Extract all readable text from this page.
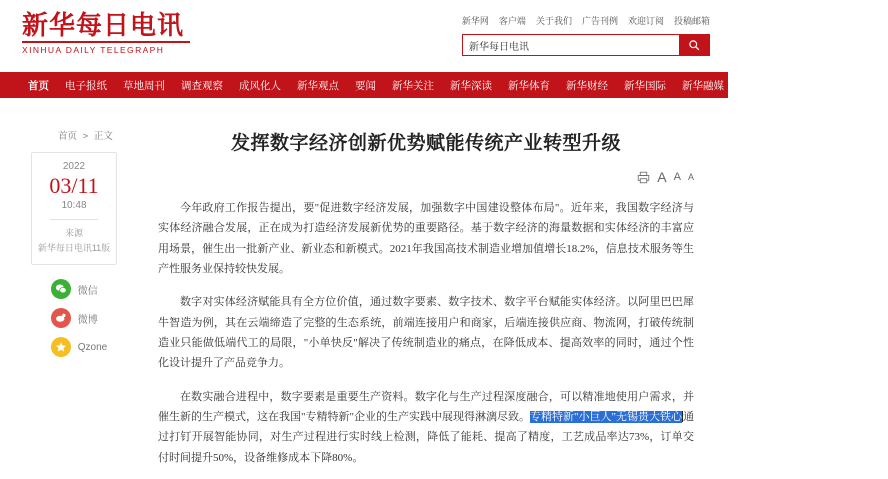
新华每日电讯
XINHUA DAILY TELEGRAPH
新华网 客户端 关于我们 广告刊例 欢迎订阅 投稿邮箱
新华每日电讯
首页 电子报纸 草地周刊 调查观察 成风化人 新华观点 要闻 新华关注 新华深读 新华体育 新华财经 新华国际 新华融媒 精彩专题 医卫健康 看天下
首页 > 正文
2022
03/11
10:48
来源
新华每日电讯11版
微信
微博
Qzone
发挥数字经济创新优势赋能传统产业转型升级
A A A

今年政府工作报告提出，要"促进数字经济发展，加强数字中国建设整体布局"。近年来，我国数字经济与实体经济融合发展，正在成为打造经济发展新优势的重要路径。基于数字经济的海量数据和实体经济的丰富应用场景，催生出一批新产业、新业态和新模式。2021年我国高技术制造业增加值增长18.2%，信息技术服务等生产性服务业保持较快发展。

数字对实体经济赋能具有全方位价值，通过数字要素、数字技术、数字平台赋能实体经济。以阿里巴巴犀牛智造为例，其在云端缔造了完整的生态系统，前端连接用户和商家，后端连接供应商、物流网，打破传统制造业只能做低端代工的局限，"小单快反"解决了传统制造业的痛点，在降低成本、提高效率的同时，通过个性化设计提升了产品竞争力。

在数实融合进程中，数字要素是重要生产资料。数字化与生产过程深度融合，可以精准地使用户需求，并催生新的生产模式，这在我国"专精特新"企业的生产实践中展现得淋漓尽致。专精特新"小巨人"无锡贵大铁心通过打钉开展智能协同，对生产过程进行实时线上检测，降低了能耗、提高了精度，工艺成品率达73%，订单交付时间提升50%，设备维修成本下降80%。
